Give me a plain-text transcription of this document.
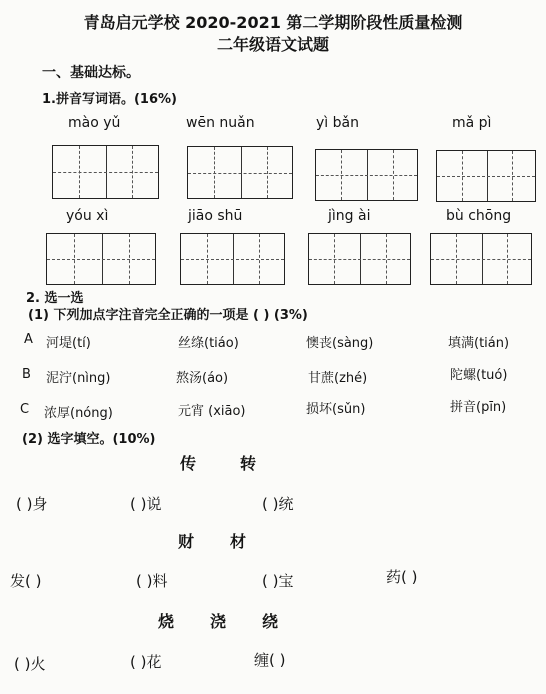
青岛启元学校 2020-2021 第二学期阶段性质量检测
二年级语文试题
一、基础达标。
1.拼音写词语。(16%)
mào yǔ	wēn nuǎn	yì bǎn	mǎ pì
yóu xì	jiāo shū	jìng ài	bù chōng
2. 选一选
(1) 下列加点字注音完全正确的一项是 ( ) (3%)
A 河堤(tí)	丝绦(tiáo)	懊丧(sàng)	填满(tián)
B 泥泞(nìng)	熬汤(áo)	甘蔗(zhé)	陀螺(tuó)
C 浓厚(nóng)	元宵 (xiāo)	损坏(sǔn)	拼音(pīn)
(2) 选字填空。(10%)
传	转
( )身	( )说	( )统
财 材
发( )	( )料	( )宝	药( )
烧 浇 绕
( )火	( )花	缠( )
